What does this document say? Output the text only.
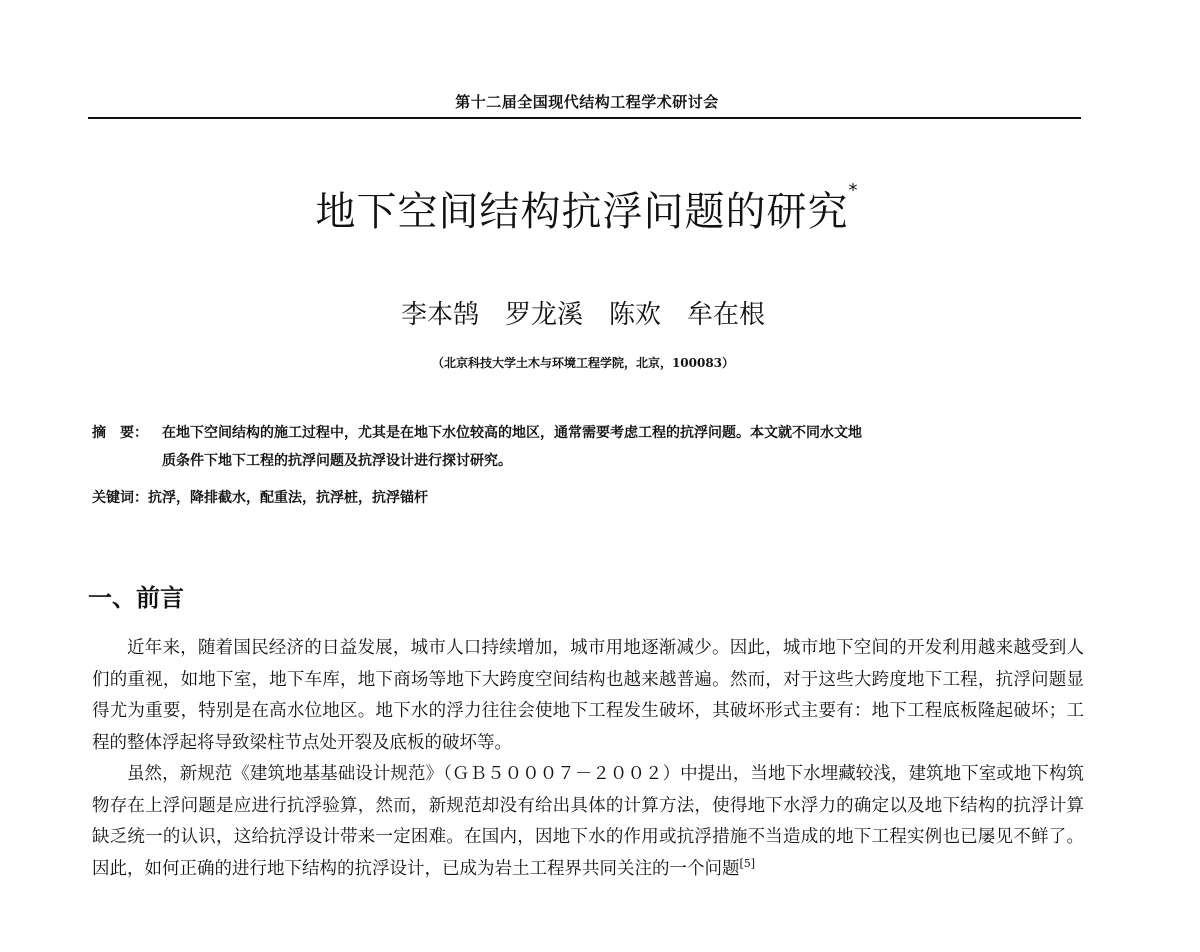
第十二届全国现代结构工程学术研讨会
地下空间结构抗浮问题的研究*
李本鹄　罗龙溪　陈欢　牟在根
（北京科技大学土木与环境工程学院，北京，100083）
摘　要： 在地下空间结构的施工过程中，尤其是在地下水位较高的地区，通常需要考虑工程的抗浮问题。本文就不同水文地
质条件下地下工程的抗浮问题及抗浮设计进行探讨研究。
关键词：抗浮，降排截水，配重法，抗浮桩，抗浮锚杆
一、前言

近年来，随着国民经济的日益发展，城市人口持续增加，城市用地逐渐减少。因此，城市地下空间的开发利用越来越受到人们的重视，如地下室，地下车库，地下商场等地下大跨度空间结构也越来越普遍。然而，对于这些大跨度地下工程，抗浮问题显得尤为重要，特别是在高水位地区。地下水的浮力往往会使地下工程发生破坏，其破坏形式主要有：地下工程底板隆起破坏；工程的整体浮起将导致梁柱节点处开裂及底板的破坏等。

虽然，新规范《建筑地基基础设计规范》（ＧＢ５０００７－２００２）中提出，当地下水埋藏较浅，建筑地下室或地下构筑物存在上浮问题是应进行抗浮验算，然而，新规范却没有给出具体的计算方法，使得地下水浮力的确定以及地下结构的抗浮计算缺乏统一的认识，这给抗浮设计带来一定困难。在国内，因地下水的作用或抗浮措施不当造成的地下工程实例也已屡见不鲜了。因此，如何正确的进行地下结构的抗浮设计，已成为岩土工程界共同关注的一个问题[5]
